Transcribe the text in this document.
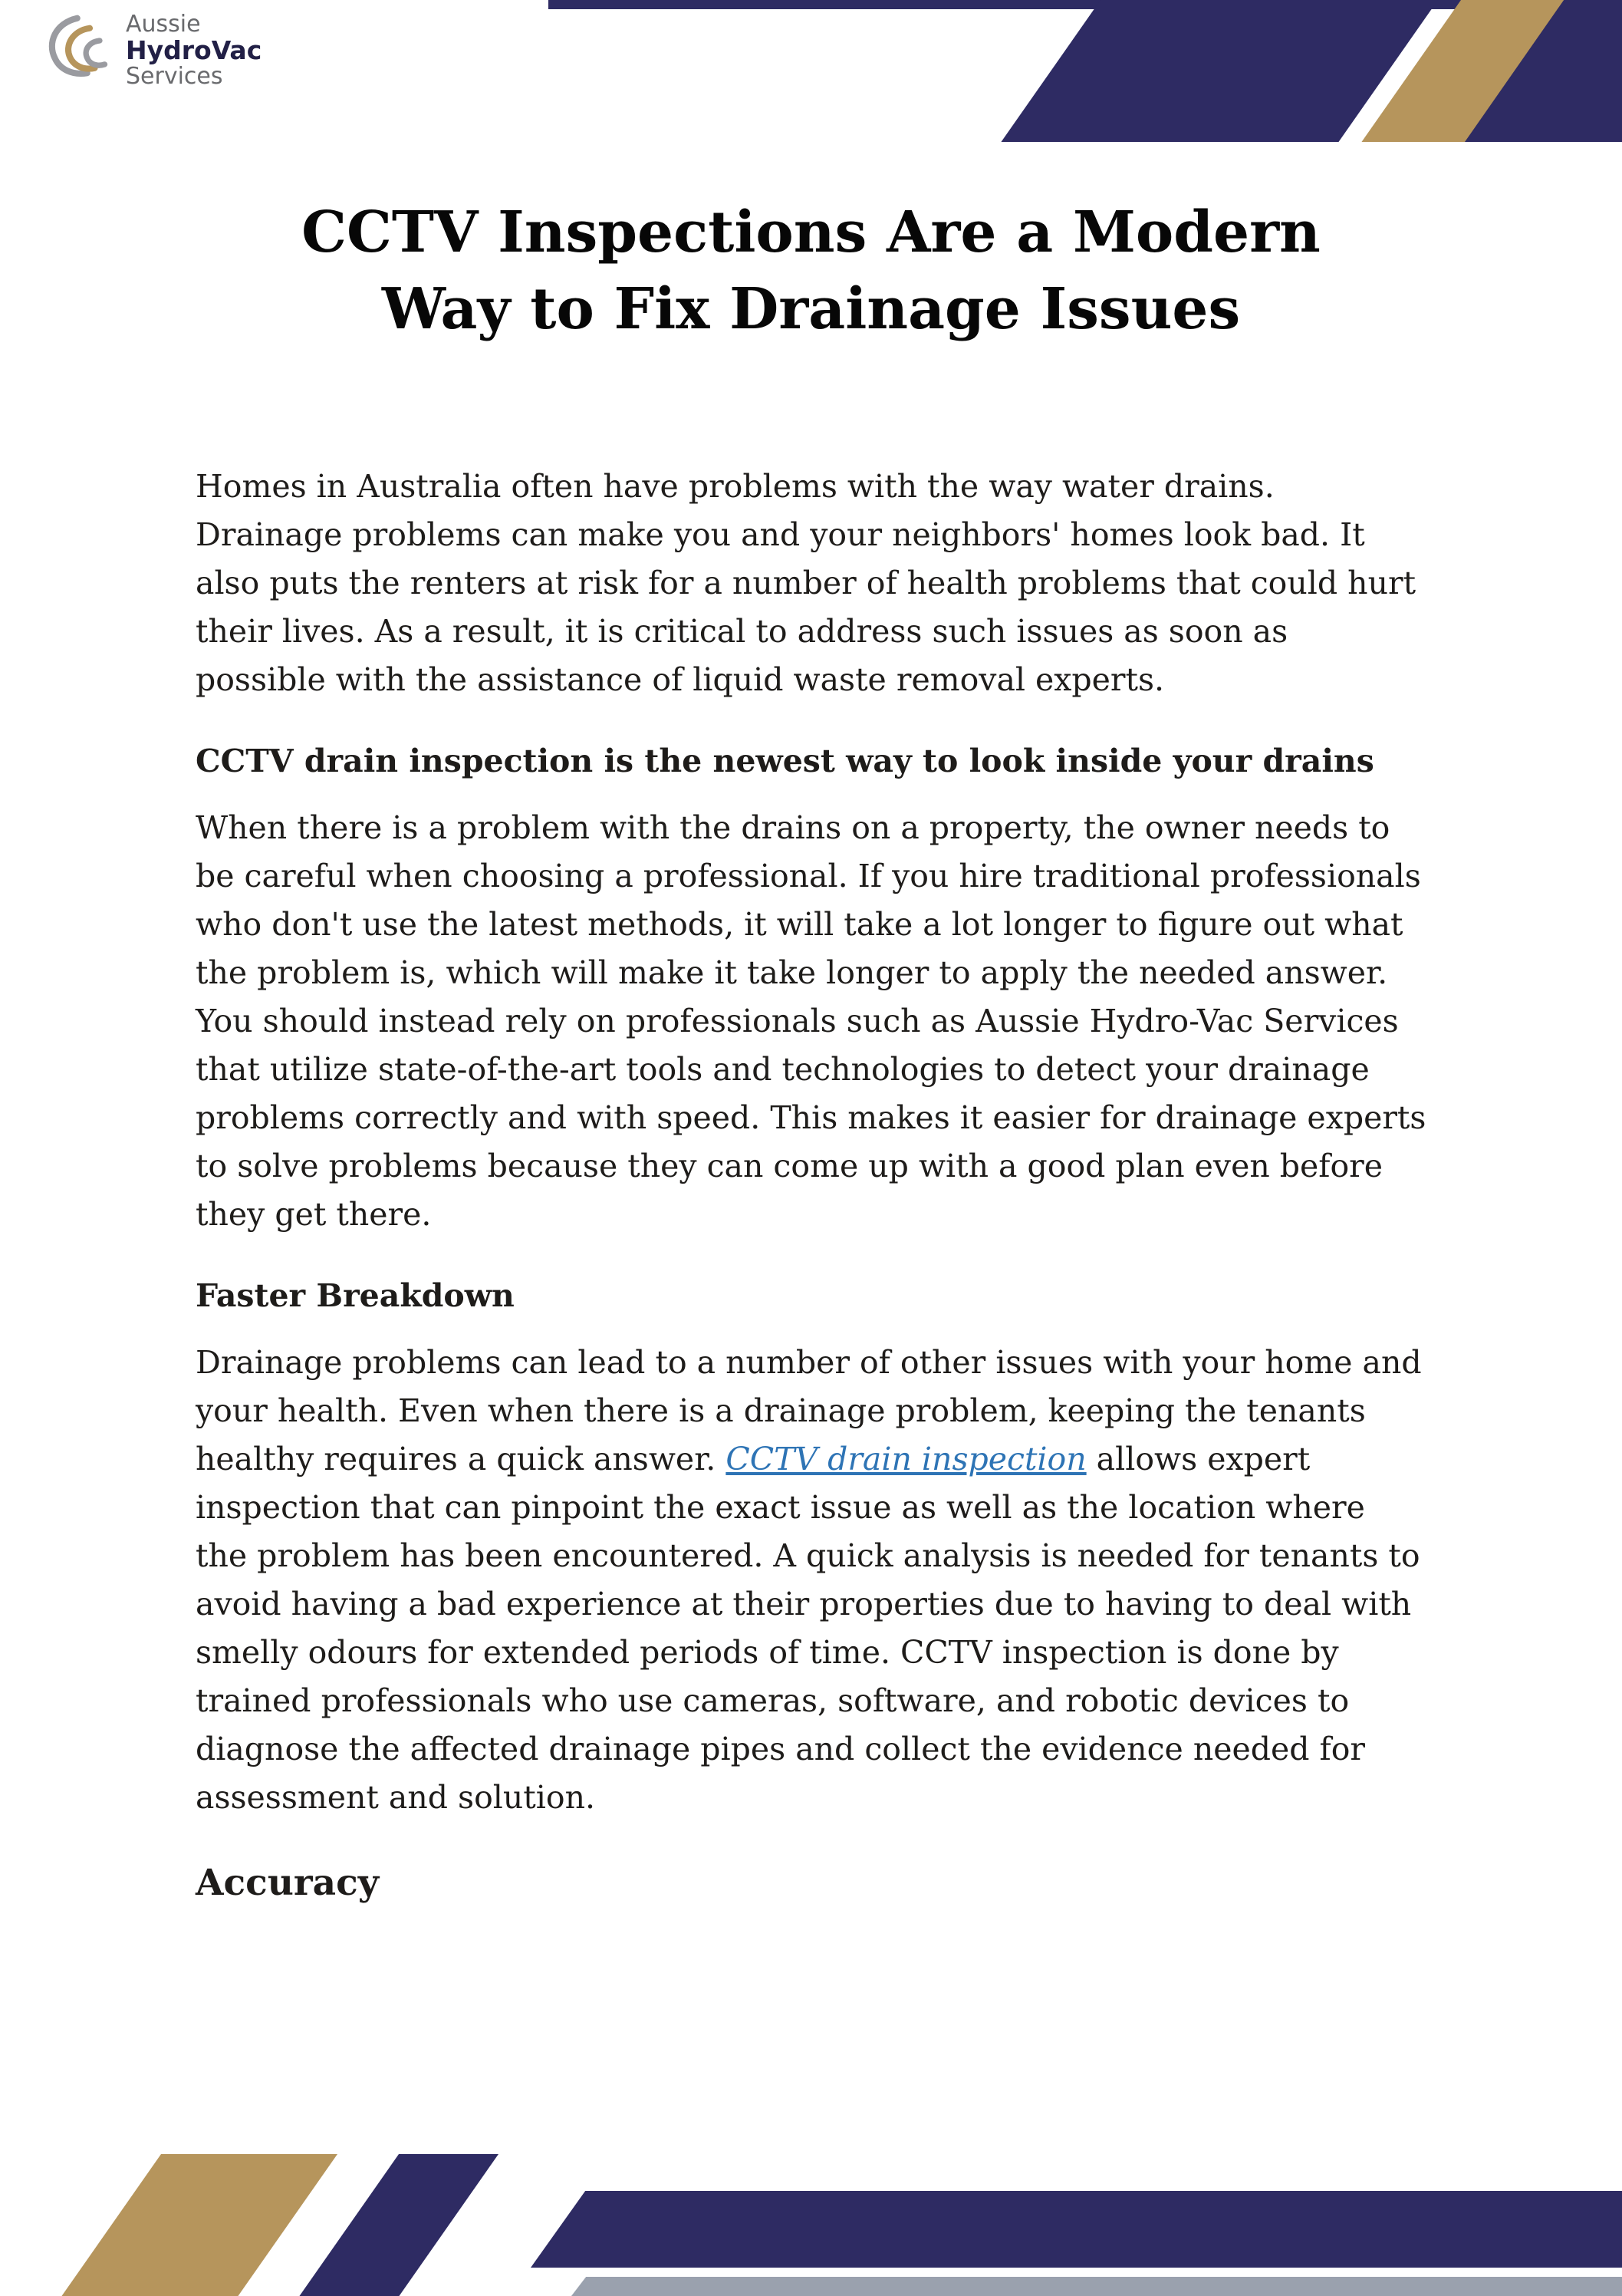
Aussie
HydroVac
Services
CCTV Inspections Are a Modern
Way to Fix Drainage Issues

Homes in Australia often have problems with the way water drains. Drainage problems can make you and your neighbors' homes look bad. It also puts the renters at risk for a number of health problems that could hurt their lives. As a result, it is critical to address such issues as soon as possible with the assistance of liquid waste removal experts.

CCTV drain inspection is the newest way to look inside your drains

When there is a problem with the drains on a property, the owner needs to be careful when choosing a professional. If you hire traditional professionals who don't use the latest methods, it will take a lot longer to figure out what the problem is, which will make it take longer to apply the needed answer. You should instead rely on professionals such as Aussie Hydro-Vac Services that utilize state-of-the-art tools and technologies to detect your drainage problems correctly and with speed. This makes it easier for drainage experts to solve problems because they can come up with a good plan even before they get there.

Faster Breakdown

Drainage problems can lead to a number of other issues with your home and your health. Even when there is a drainage problem, keeping the tenants healthy requires a quick answer. CCTV drain inspection allows expert inspection that can pinpoint the exact issue as well as the location where the problem has been encountered. A quick analysis is needed for tenants to avoid having a bad experience at their properties due to having to deal with smelly odours for extended periods of time. CCTV inspection is done by trained professionals who use cameras, software, and robotic devices to diagnose the affected drainage pipes and collect the evidence needed for assessment and solution.

Accuracy
